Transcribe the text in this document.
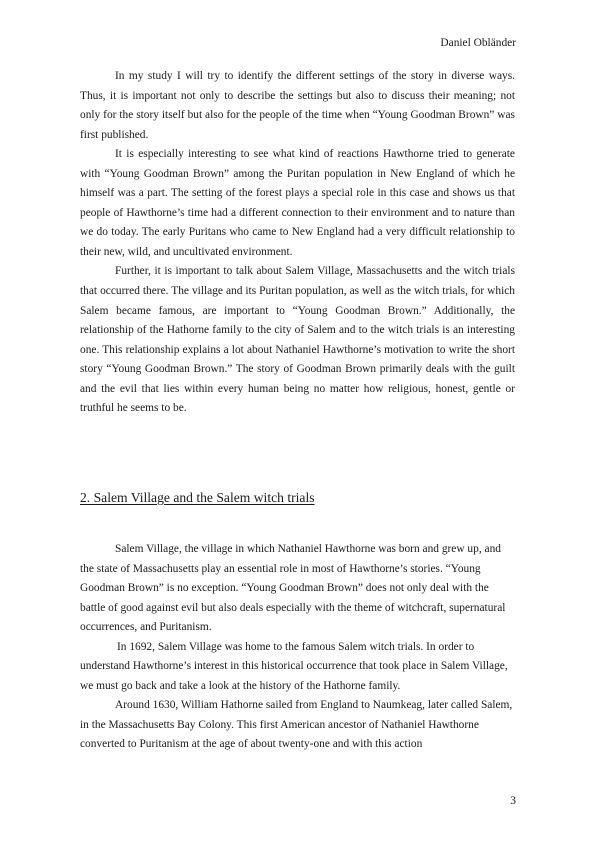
Daniel Obländer

In my study I will try to identify the different settings of the story in diverse ways. Thus, it is important not only to describe the settings but also to discuss their meaning; not only for the story itself but also for the people of the time when “Young Goodman Brown” was first published.

It is especially interesting to see what kind of reactions Hawthorne tried to generate with “Young Goodman Brown” among the Puritan population in New England of which he himself was a part. The setting of the forest plays a special role in this case and shows us that people of Hawthorne’s time had a different connection to their environment and to nature than we do today. The early Puritans who came to New England had a very difficult relationship to their new, wild, and uncultivated environment.

Further, it is important to talk about Salem Village, Massachusetts and the witch trials that occurred there. The village and its Puritan population, as well as the witch trials, for which Salem became famous, are important to “Young Goodman Brown.” Additionally, the relationship of the Hathorne family to the city of Salem and to the witch trials is an interesting one. This relationship explains a lot about Nathaniel Hawthorne’s motivation to write the short story “Young Goodman Brown.” The story of Goodman Brown primarily deals with the guilt and the evil that lies within every human being no matter how religious, honest, gentle or truthful he seems to be.

2. Salem Village and the Salem witch trials

Salem Village, the village in which Nathaniel Hawthorne was born and grew up, and the state of Massachusetts play an essential role in most of Hawthorne’s stories. “Young Goodman Brown” is no exception. “Young Goodman Brown” does not only deal with the battle of good against evil but also deals especially with the theme of witchcraft, supernatural occurrences, and Puritanism.

In 1692, Salem Village was home to the famous Salem witch trials. In order to understand Hawthorne’s interest in this historical occurrence that took place in Salem Village, we must go back and take a look at the history of the Hathorne family.

Around 1630, William Hathorne sailed from England to Naumkeag, later called Salem, in the Massachusetts Bay Colony. This first American ancestor of Nathaniel Hawthorne converted to Puritanism at the age of about twenty-one and with this action

3
